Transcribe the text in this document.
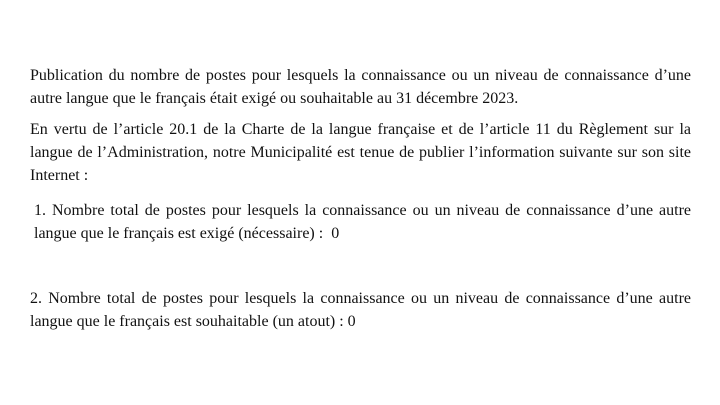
Publication du nombre de postes pour lesquels la connaissance ou un niveau de connaissance d’une autre langue que le français était exigé ou souhaitable au 31 décembre 2023.

En vertu de l’article 20.1 de la Charte de la langue française et de l’article 11 du Règlement sur la langue de l’Administration, notre Municipalité est tenue de publier l’information suivante sur son site Internet :

1. Nombre total de postes pour lesquels la connaissance ou un niveau de connaissance d’une autre langue que le français est exigé (nécessaire) : 0

2. Nombre total de postes pour lesquels la connaissance ou un niveau de connaissance d’une autre langue que le français est souhaitable (un atout) : 0
